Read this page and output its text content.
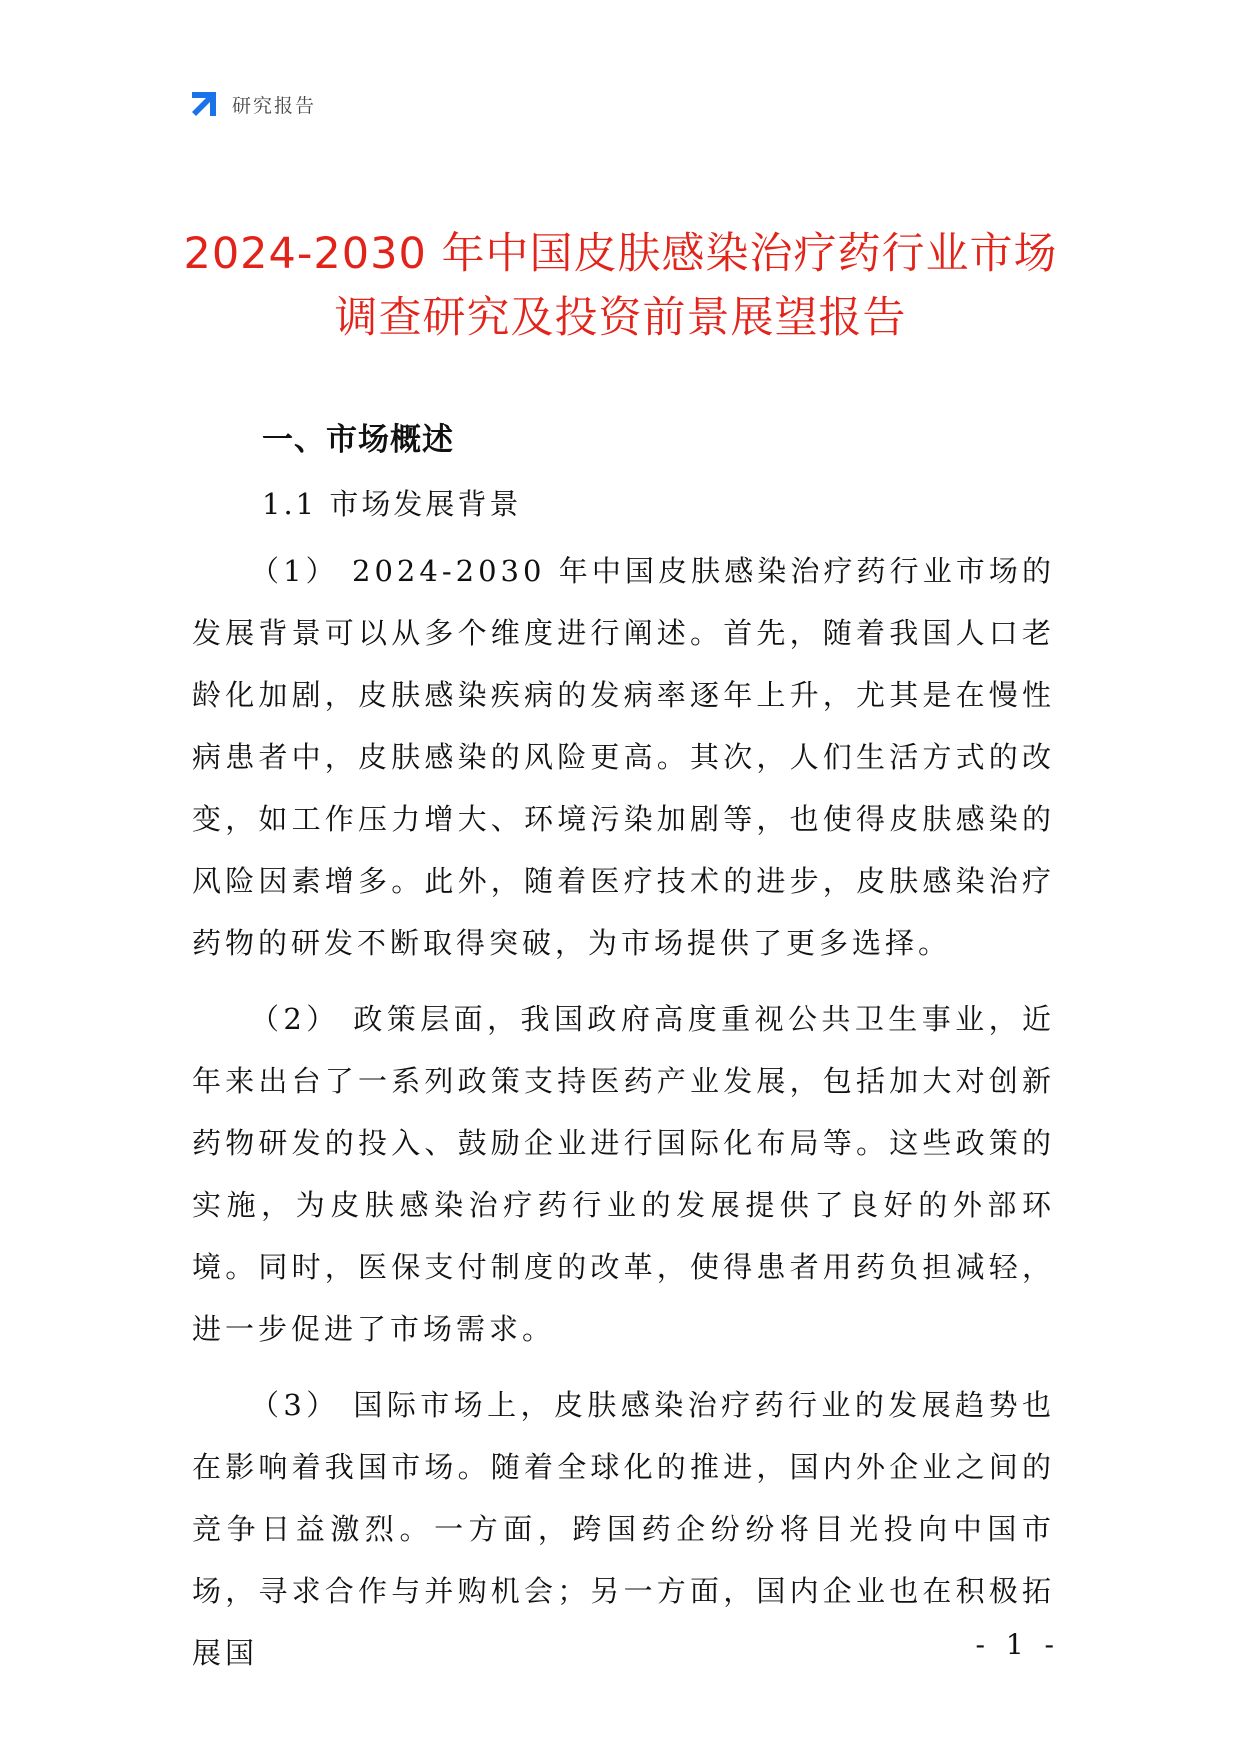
研究报告
2024-2030 年中国皮肤感染治疗药行业市场
调查研究及投资前景展望报告
一、市场概述
1.1 市场发展背景

（1） 2024-2030 年中国皮肤感染治疗药行业市场的发展背景可以从多个维度进行阐述。首先，随着我国人口老龄化加剧，皮肤感染疾病的发病率逐年上升，尤其是在慢性病患者中，皮肤感染的风险更高。其次，人们生活方式的改变，如工作压力增大、环境污染加剧等，也使得皮肤感染的风险因素增多。此外，随着医疗技术的进步，皮肤感染治疗药物的研发不断取得突破，为市场提供了更多选择。

（2） 政策层面，我国政府高度重视公共卫生事业，近年来出台了一系列政策支持医药产业发展，包括加大对创新药物研发的投入、鼓励企业进行国际化布局等。这些政策的实施，为皮肤感染治疗药行业的发展提供了良好的外部环境。同时，医保支付制度的改革，使得患者用药负担减轻，进一步促进了市场需求。

（3） 国际市场上，皮肤感染治疗药行业的发展趋势也在影响着我国市场。随着全球化的推进，国内外企业之间的竞争日益激烈。一方面，跨国药企纷纷将目光投向中国市场，寻求合作与并购机会；另一方面，国内企业也在积极拓展国	- 1 -
